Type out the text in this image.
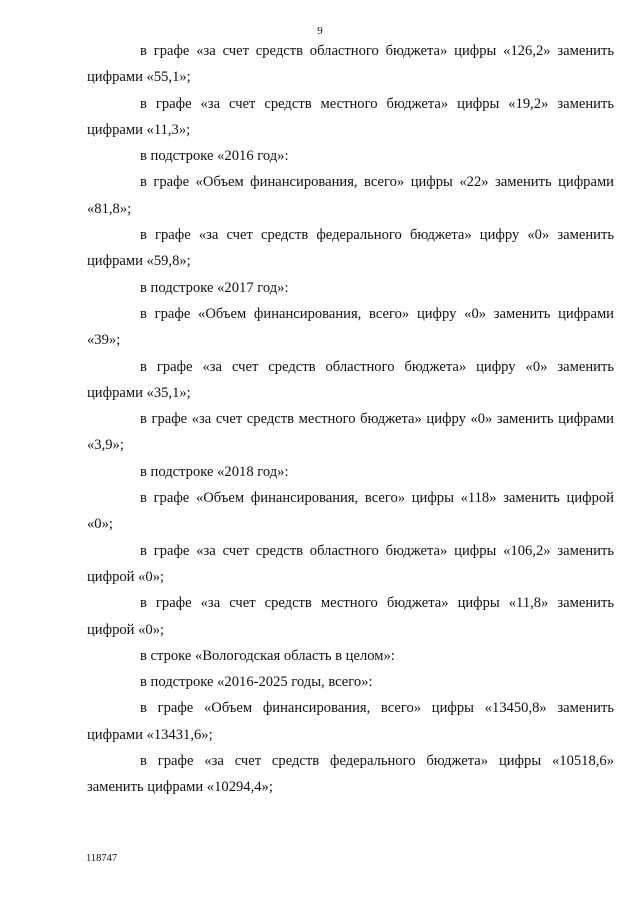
9

в графе «за счет средств областного бюджета» цифры «126,2» заменить цифрами «55,1»;

в графе «за счет средств местного бюджета» цифры «19,2» заменить цифрами «11,3»;

в подстроке «2016 год»:

в графе «Объем финансирования, всего» цифры «22» заменить цифрами «81,8»;

в графе «за счет средств федерального бюджета» цифру «0» заменить цифрами «59,8»;

в подстроке «2017 год»:

в графе «Объем финансирования, всего» цифру «0» заменить цифрами «39»;

в графе «за счет средств областного бюджета» цифру «0» заменить цифрами «35,1»;

в графе «за счет средств местного бюджета» цифру «0» заменить цифрами «3,9»;

в подстроке «2018 год»:

в графе «Объем финансирования, всего» цифры «118» заменить цифрой «0»;

в графе «за счет средств областного бюджета» цифры «106,2» заменить цифрой «0»;

в графе «за счет средств местного бюджета» цифры «11,8» заменить цифрой «0»;

в строке «Вологодская область в целом»:

в подстроке «2016-2025 годы, всего»:

в графе «Объем финансирования, всего» цифры «13450,8» заменить цифрами «13431,6»;

в графе «за счет средств федерального бюджета» цифры «10518,6» заменить цифрами «10294,4»;

118747
